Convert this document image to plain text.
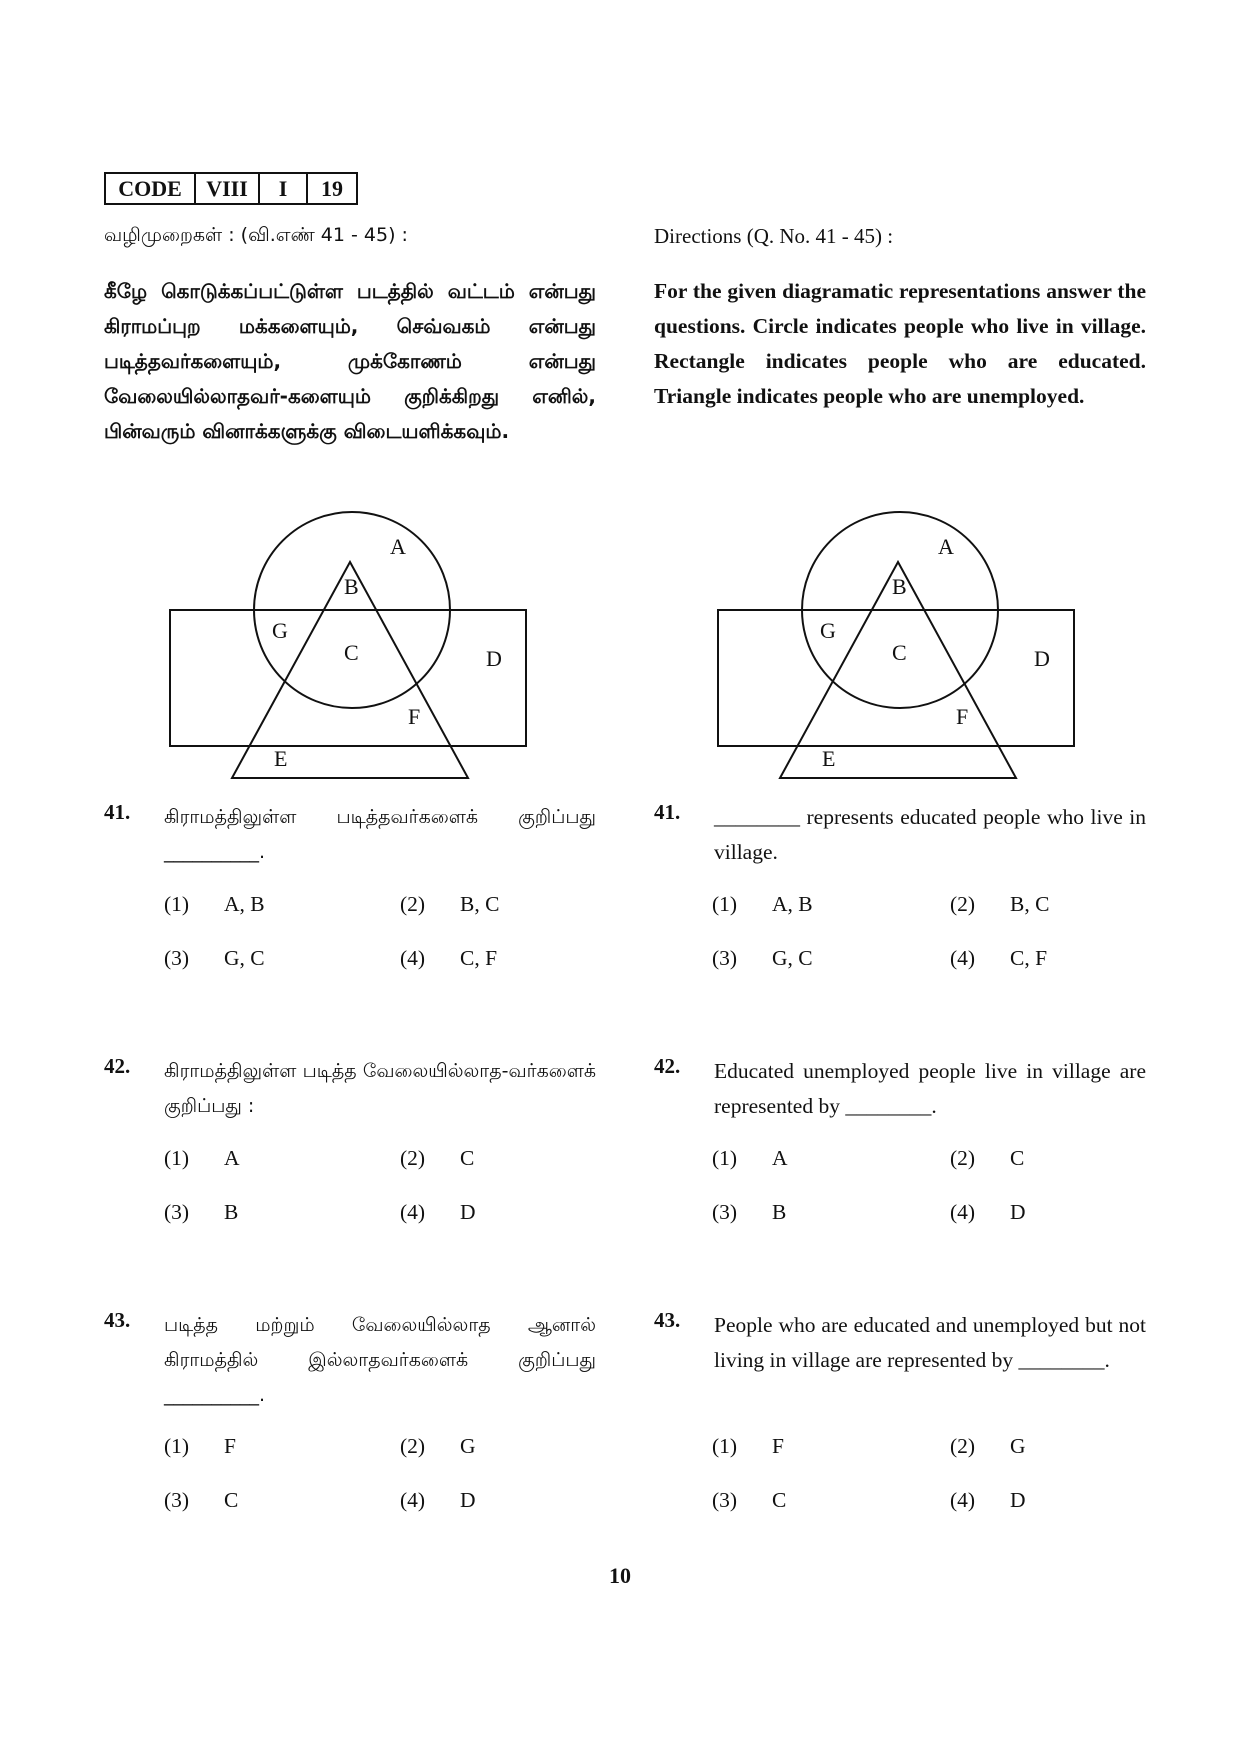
CODE	VIII	I	19
வழிமுறைகள் : (வி.எண் 41 - 45) :
கீழே கொடுக்கப்பட்டுள்ள படத்தில் வட்டம் என்பது கிராமப்புற மக்களையும், செவ்வகம் என்பது படித்தவர்களையும், முக்கோணம் என்பது வேலையில்லாதவர்-களையும் குறிக்கிறது எனில், பின்வரும் வினாக்களுக்கு விடையளிக்கவும்.
Directions (Q. No. 41 - 45) :
For the given diagramatic representations answer the questions. Circle indicates people who live in village. Rectangle indicates people who are educated. Triangle indicates people who are unemployed.
A
B
G
C	D
F
E
A
B
G
C	D
F
E
41. கிராமத்திலுள்ள படித்தவர்களைக் குறிப்பது __________.
(1)	A, B	(2)	B, C
(3)	G, C	(4)	C, F
42. கிராமத்திலுள்ள படித்த வேலையில்லாத-வர்களைக் குறிப்பது :
(1)	A	(2)	C
(3)	B	(4)	D
43. படித்த மற்றும் வேலையில்லாத ஆனால் கிராமத்தில் இல்லாதவர்களைக் குறிப்பது __________.
(1)	F	(2)	G
(3)	C	(4)	D
41. ________ represents educated people who live in village.
(1)	A, B	(2)	B, C
(3)	G, C	(4)	C, F
42. Educated unemployed people live in village are represented by ________.
(1)	A	(2)	C
(3)	B	(4)	D
43. People who are educated and unemployed but not living in village are represented by ________.
(1)	F	(2)	G
(3)	C	(4)	D
10
